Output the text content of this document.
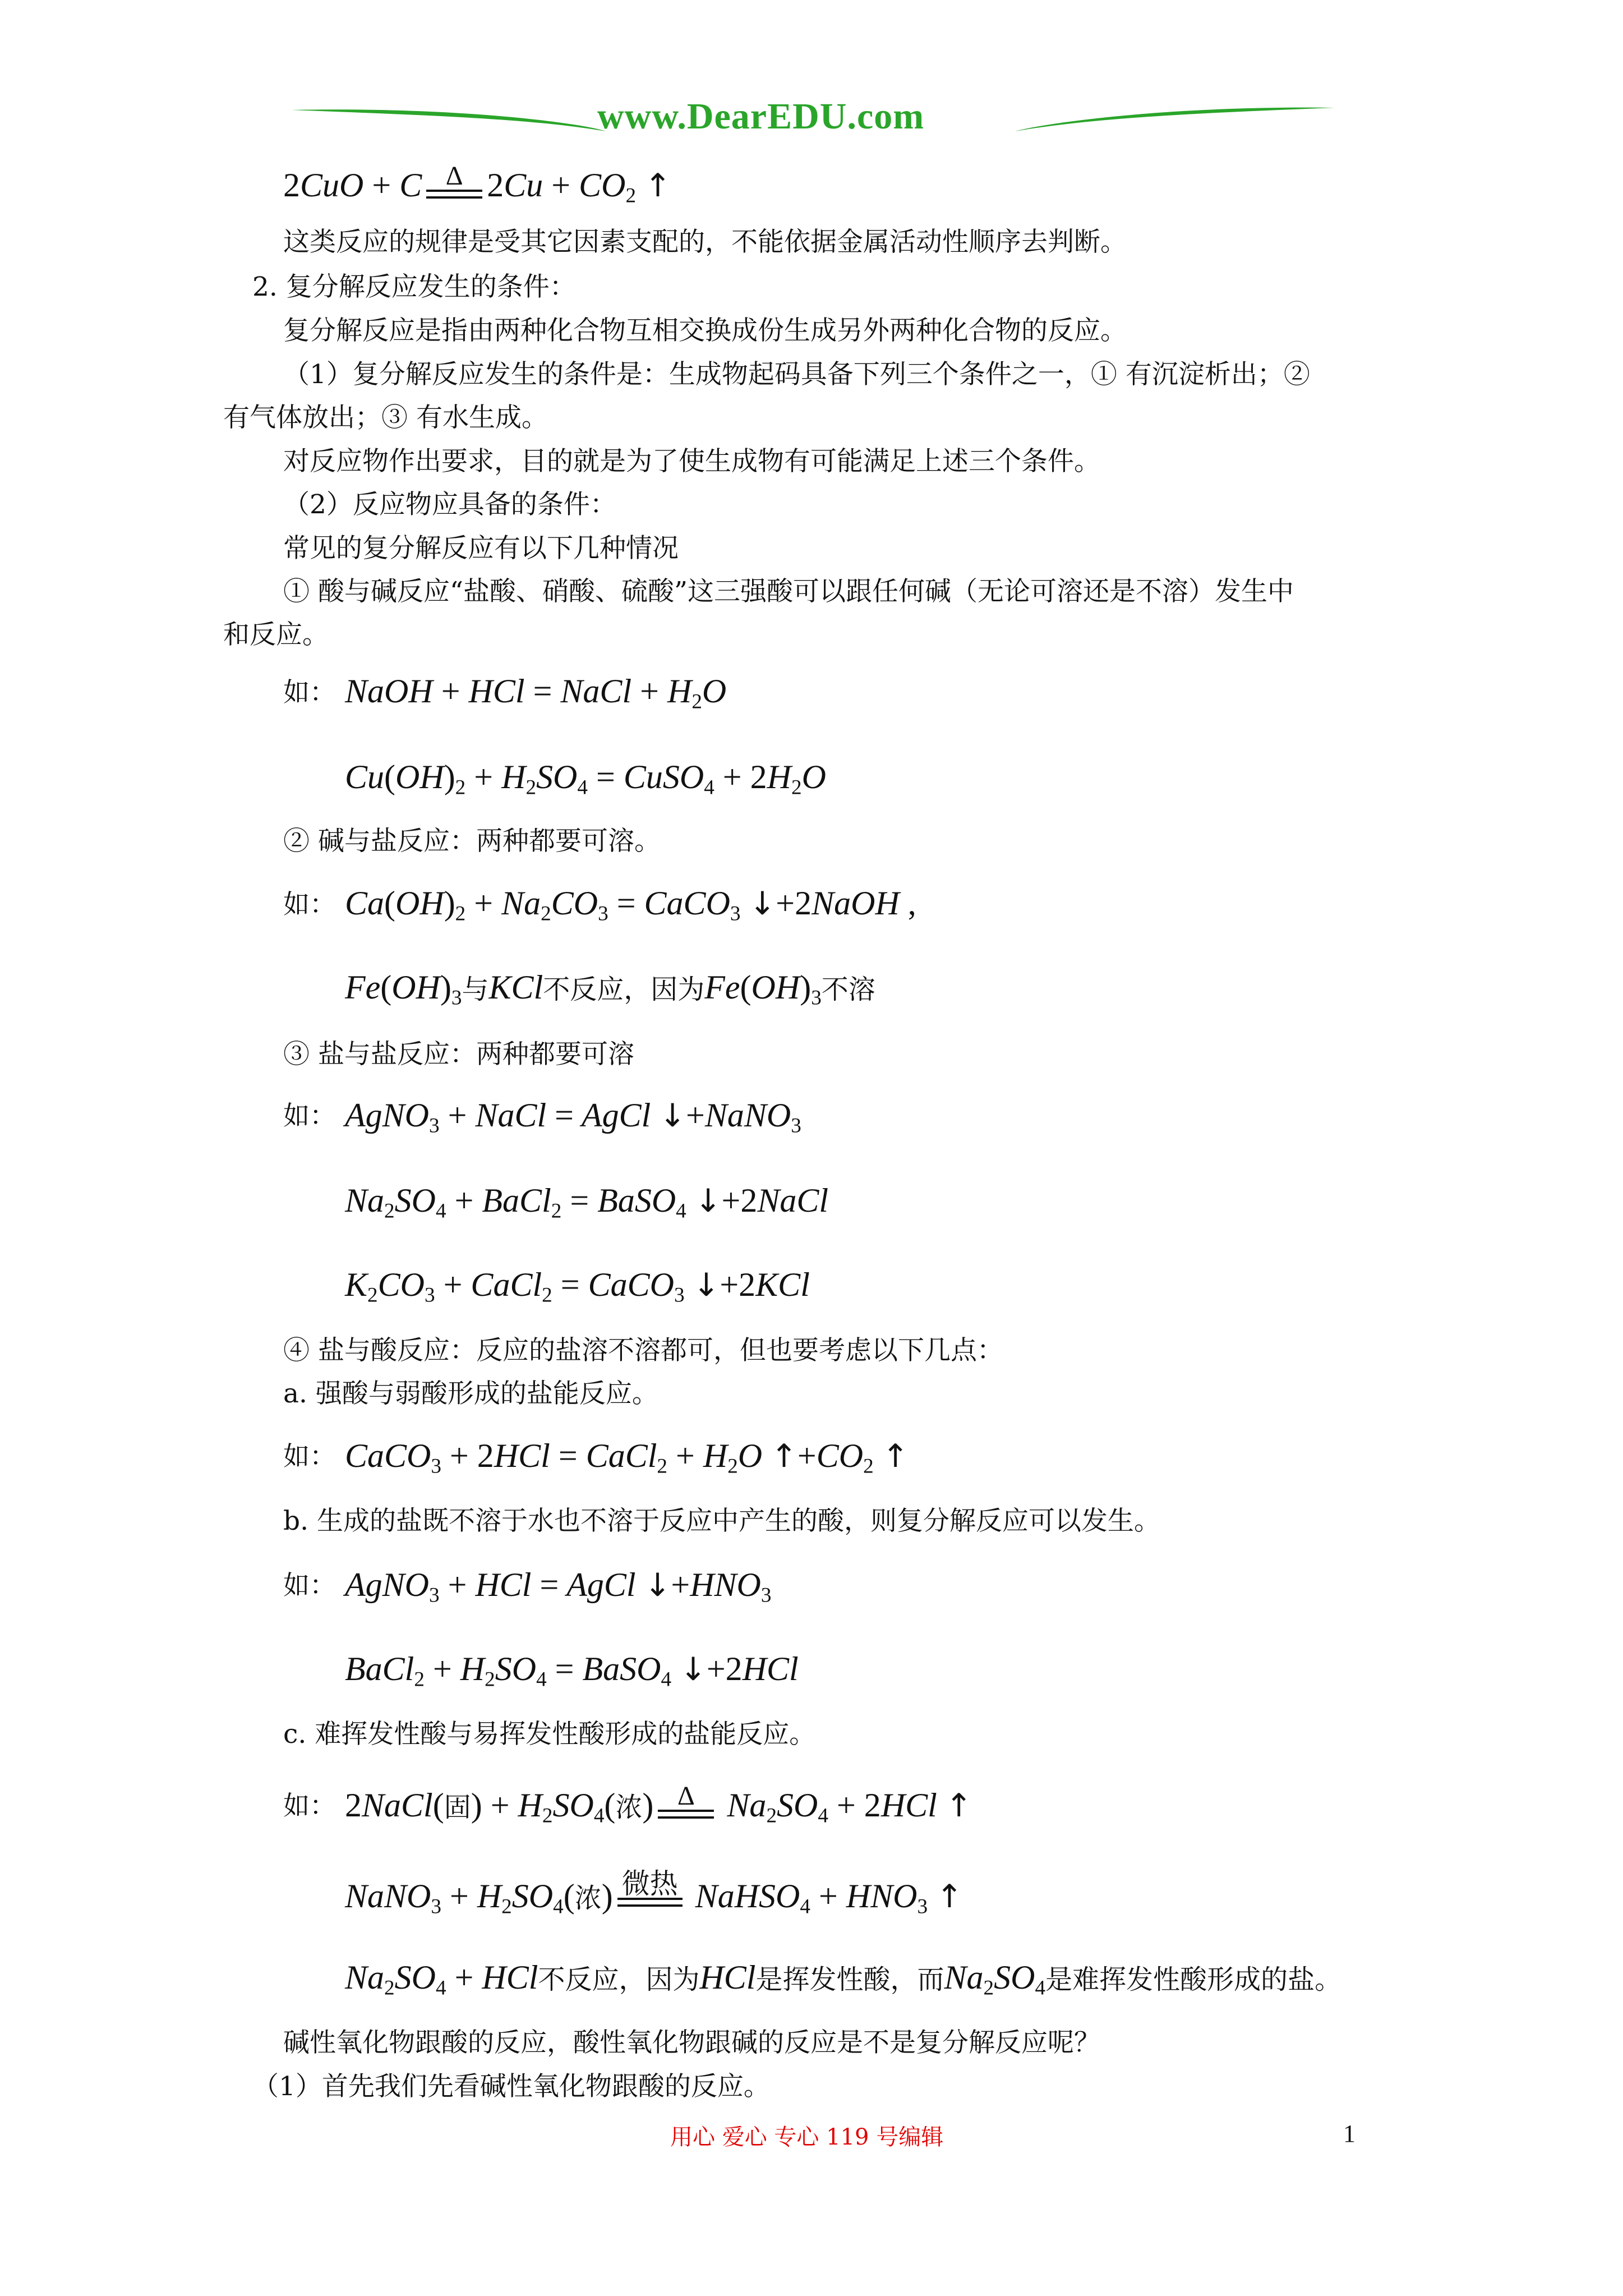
www.DearEDU.com
2CuO + C Δ $2Cu + CO_2$ ↑
这类反应的规律是受其它因素支配的，不能依据金属活动性顺序去判断。
2. 复分解反应发生的条件：
复分解反应是指由两种化合物互相交换成份生成另外两种化合物的反应。
（1）复分解反应发生的条件是：生成物起码具备下列三个条件之一，① 有沉淀析出；②
有气体放出；③ 有水生成。
对反应物作出要求，目的就是为了使生成物有可能满足上述三个条件。
（2）反应物应具备的条件：
常见的复分解反应有以下几种情况
① 酸与碱反应“盐酸、硝酸、硫酸”这三强酸可以跟任何碱（无论可溶还是不溶）发生中
和反应。
如： NaOH + HCl = NaCl + $H_2O$
$Cu(OH)_2 + H_2SO_4$ = CuSO$_4$ + $2H_2O$
② 碱与盐反应：两种都要可溶。
如： $Ca(OH)_2 + Na_2CO_3$ = CaCO$_3$ ↓+2NaOH ,
$Fe(OH)_3$与KCl不反应，因为$Fe(OH)_3$不溶
③ 盐与盐反应：两种都要可溶
如： AgNO$_3$ + NaCl = AgCl ↓+NaNO$_3$
$Na_2SO_4$ + BaCl$_2$ = BaSO$_4$ ↓+2NaCl
$K_2CO_3$ + CaCl$_2$ = CaCO$_3$ ↓+2KCl
④ 盐与酸反应：反应的盐溶不溶都可，但也要考虑以下几点：
a. 强酸与弱酸形成的盐能反应。
如： CaCO$_3$ + 2HCl = CaCl$_2$ + $H_2O$ $↑+CO_2$ ↑
b. 生成的盐既不溶于水也不溶于反应中产生的酸，则复分解反应可以发生。
如： AgNO$_3$ + HCl = AgCl $↓+HNO_3$
BaCl$_2$ + $H_2SO_4$ = BaSO$_4$ ↓+2HCl
c. 难挥发性酸与易挥发性酸形成的盐能反应。
如： 2NaCl(固) + $H_2SO_4$(浓) Δ $Na_2SO_4 + 2HCl$ ↑
NaNO$_3$ + $H_2SO_4$(浓) 微热 NaHSO$_4$ + $HNO_3$ ↑
$Na_2SO_4$ + HCl不反应，因为HCl是挥发性酸，而$Na_2SO_4$是难挥发性酸形成的盐。
碱性氧化物跟酸的反应，酸性氧化物跟碱的反应是不是复分解反应呢？
（1）首先我们先看碱性氧化物跟酸的反应。
用心 爱心 专心 119 号编辑	1
